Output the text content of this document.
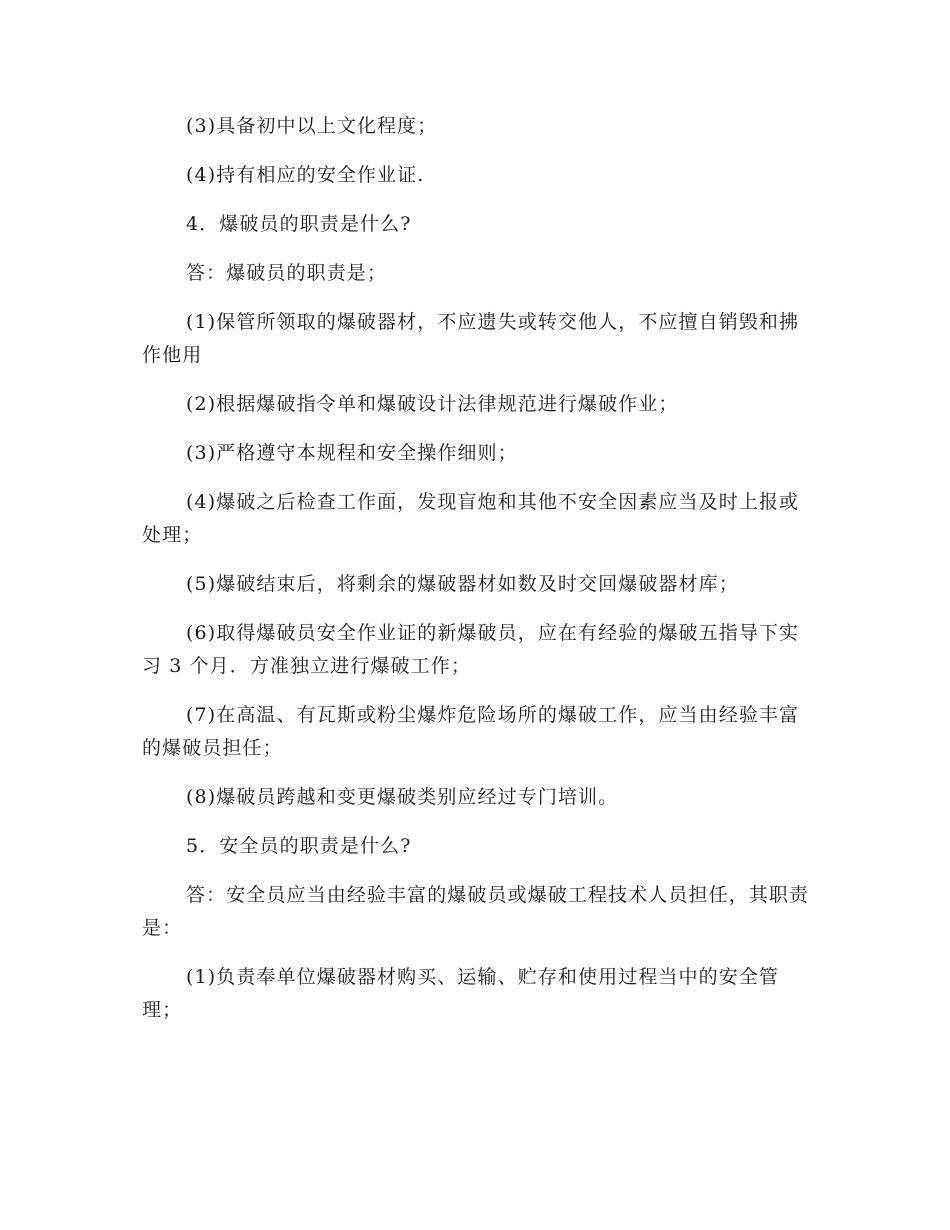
(3)具备初中以上文化程度；

(4)持有相应的安全作业证.

4．爆破员的职责是什么?

答：爆破员的职责是；

(1)保管所领取的爆破器材，不应遗失或转交他人，不应擅自销毁和拂作他用

(2)根据爆破指令单和爆破设计法律规范进行爆破作业；

(3)严格遵守本规程和安全操作细则；

(4)爆破之后检查工作面，发现盲炮和其他不安全因素应当及时上报或处理；

(5)爆破结束后，将剩余的爆破器材如数及时交回爆破器材库；

(6)取得爆破员安全作业证的新爆破员，应在有经验的爆破五指导下实习 3 个月．方准独立进行爆破工作；

(7)在高温、有瓦斯或粉尘爆炸危险场所的爆破工作，应当由经验丰富的爆破员担任；

(8)爆破员跨越和变更爆破类别应经过专门培训。

5．安全员的职责是什么?

答：安全员应当由经验丰富的爆破员或爆破工程技术人员担任，其职责是：

(1)负责奉单位爆破器材购买、运输、贮存和使用过程当中的安全管理；
